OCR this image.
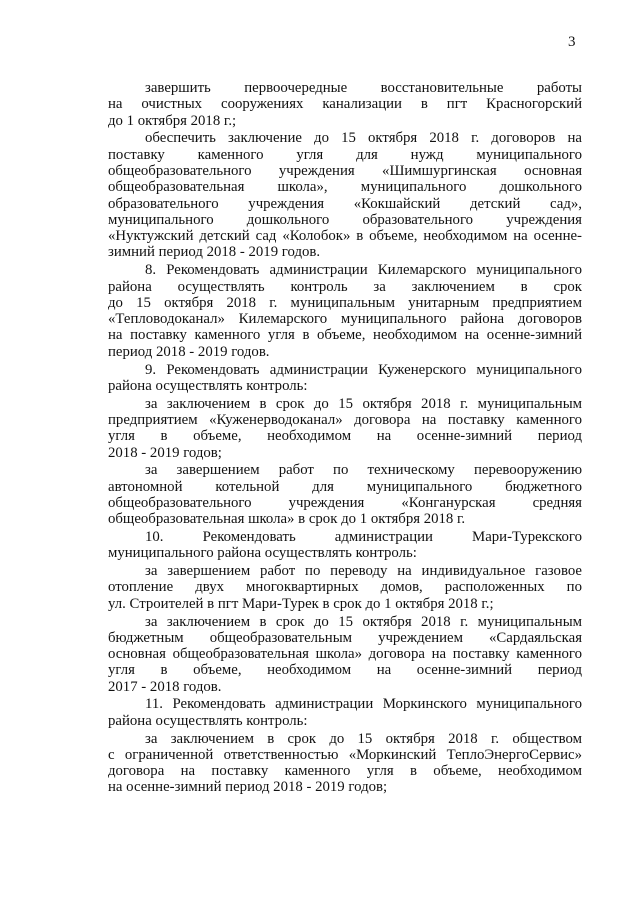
3
завершить первоочередные восстановительные работы
на очистных сооружениях канализации в пгт Красногорский
до 1 октября 2018 г.;
обеспечить заключение до 15 октября 2018 г. договоров на
поставку каменного угля для нужд муниципального
общеобразовательного учреждения «Шимшургинская основная
общеобразовательная школа», муниципального дошкольного
образовательного учреждения «Кокшайский детский сад»,
муниципального дошкольного образовательного учреждения
«Нуктужский детский сад «Колобок» в объеме, необходимом на осенне-
зимний период 2018 - 2019 годов.
8. Рекомендовать администрации Килемарского муниципального
района осуществлять контроль за заключением в срок
до 15 октября 2018 г. муниципальным унитарным предприятием
«Тепловодоканал» Килемарского муниципального района договоров
на поставку каменного угля в объеме, необходимом на осенне-зимний
период 2018 - 2019 годов.
9. Рекомендовать администрации Куженерского муниципального
района осуществлять контроль:
за заключением в срок до 15 октября 2018 г. муниципальным
предприятием «Куженерводоканал» договора на поставку каменного
угля в объеме, необходимом на осенне-зимний период
2018 - 2019 годов;
за завершением работ по техническому перевооружению
автономной котельной для муниципального бюджетного
общеобразовательного учреждения «Конганурская средняя
общеобразовательная школа» в срок до 1 октября 2018 г.
10. Рекомендовать администрации Мари-Турекского
муниципального района осуществлять контроль:
за завершением работ по переводу на индивидуальное газовое
отопление двух многоквартирных домов, расположенных по
ул. Строителей в пгт Мари-Турек в срок до 1 октября 2018 г.;
за заключением в срок до 15 октября 2018 г. муниципальным
бюджетным общеобразовательным учреждением «Сардаяльская
основная общеобразовательная школа» договора на поставку каменного
угля в объеме, необходимом на осенне-зимний период
2017 - 2018 годов.
11. Рекомендовать администрации Моркинского муниципального
района осуществлять контроль:
за заключением в срок до 15 октября 2018 г. обществом
с ограниченной ответственностью «Моркинский ТеплоЭнергоСервис»
договора на поставку каменного угля в объеме, необходимом
на осенне-зимний период 2018 - 2019 годов;
